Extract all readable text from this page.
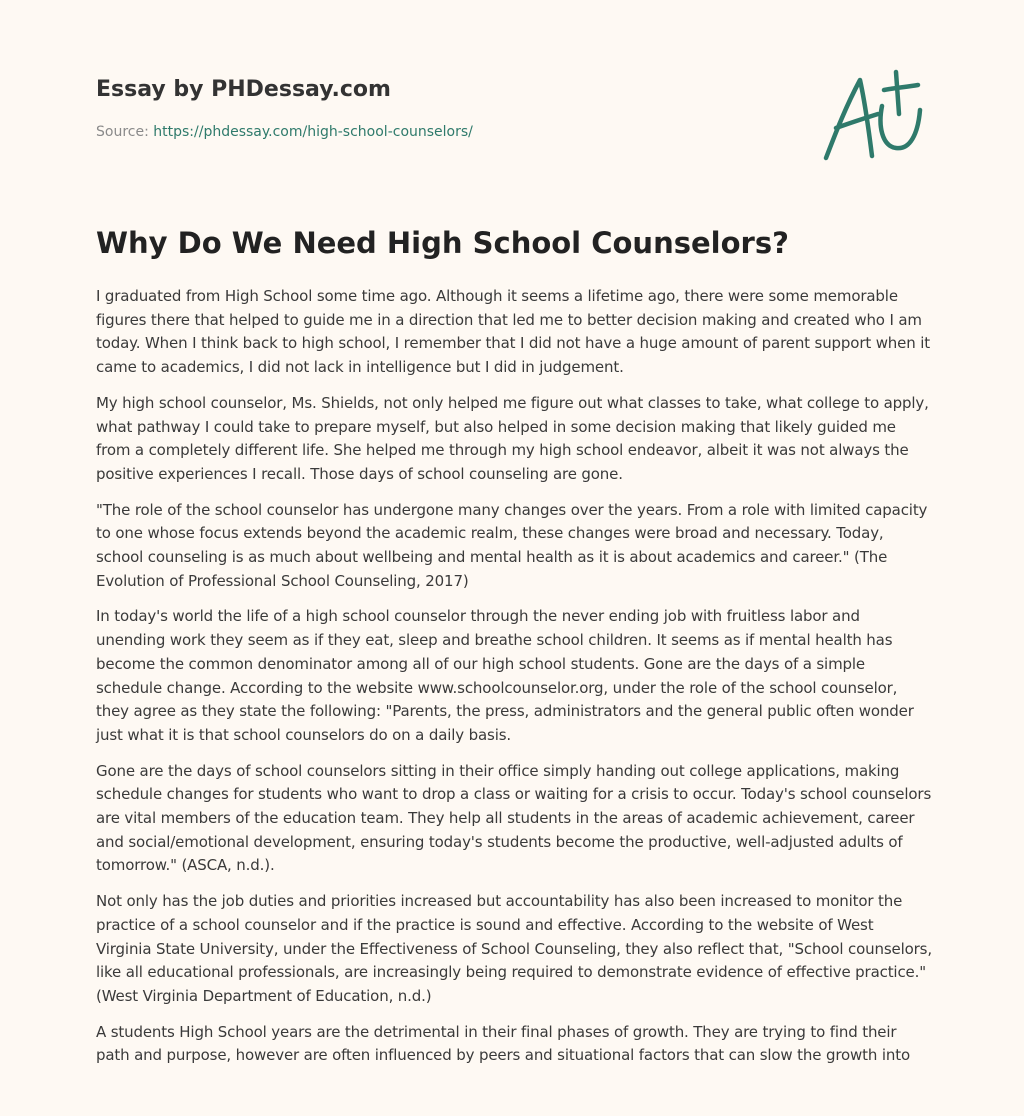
Essay by PHDessay.com
Source: https://phdessay.com/high-school-counselors/
Why Do We Need High School Counselors?

I graduated from High School some time ago. Although it seems a lifetime ago, there were some memorable figures there that helped to guide me in a direction that led me to better decision making and created who I am today. When I think back to high school, I remember that I did not have a huge amount of parent support when it came to academics, I did not lack in intelligence but I did in judgement.

My high school counselor, Ms. Shields, not only helped me figure out what classes to take, what college to apply, what pathway I could take to prepare myself, but also helped in some decision making that likely guided me from a completely different life. She helped me through my high school endeavor, albeit it was not always the positive experiences I recall. Those days of school counseling are gone.

"The role of the school counselor has undergone many changes over the years. From a role with limited capacity to one whose focus extends beyond the academic realm, these changes were broad and necessary. Today, school counseling is as much about wellbeing and mental health as it is about academics and career." (The Evolution of Professional School Counseling, 2017)

In today's world the life of a high school counselor through the never ending job with fruitless labor and unending work they seem as if they eat, sleep and breathe school children. It seems as if mental health has become the common denominator among all of our high school students. Gone are the days of a simple schedule change. According to the website www.schoolcounselor.org, under the role of the school counselor, they agree as they state the following: "Parents, the press, administrators and the general public often wonder just what it is that school counselors do on a daily basis.

Gone are the days of school counselors sitting in their office simply handing out college applications, making schedule changes for students who want to drop a class or waiting for a crisis to occur. Today's school counselors are vital members of the education team. They help all students in the areas of academic achievement, career and social/emotional development, ensuring today's students become the productive, well-adjusted adults of tomorrow." (ASCA, n.d.).

Not only has the job duties and priorities increased but accountability has also been increased to monitor the practice of a school counselor and if the practice is sound and effective. According to the website of West Virginia State University, under the Effectiveness of School Counseling, they also reflect that, "School counselors, like all educational professionals, are increasingly being required to demonstrate evidence of effective practice." (West Virginia Department of Education, n.d.)

A students High School years are the detrimental in their final phases of growth. They are trying to find their path and purpose, however are often influenced by peers and situational factors that can slow the growth into
